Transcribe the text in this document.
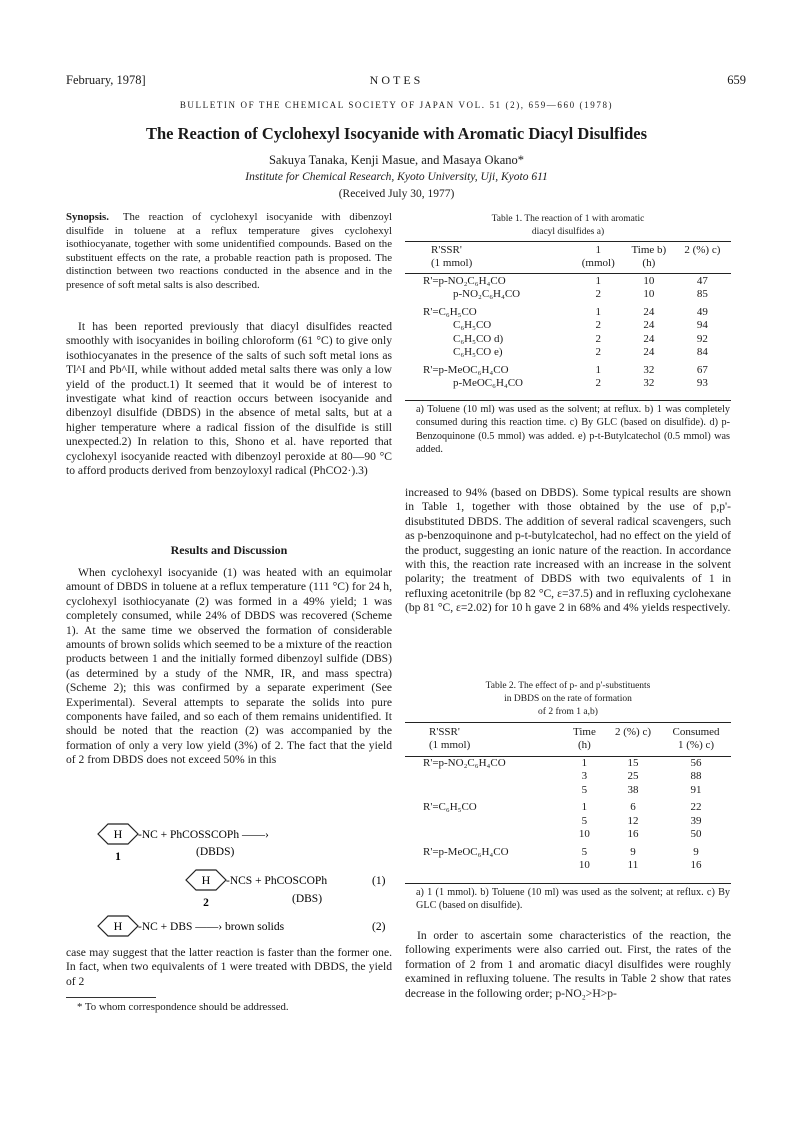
February, 1978]	NOTES	659
BULLETIN OF THE CHEMICAL SOCIETY OF JAPAN VOL. 51 (2), 659—660 (1978)
The Reaction of Cyclohexyl Isocyanide with Aromatic Diacyl Disulfides
Sakuya Tanaka, Kenji Masue, and Masaya Okano*
Institute for Chemical Research, Kyoto University, Uji, Kyoto 611
(Received July 30, 1977)
Synopsis. The reaction of cyclohexyl isocyanide with dibenzoyl disulfide in toluene at a reflux temperature gives cyclohexyl isothiocyanate, together with some unidentified compounds. Based on the substituent effects on the rate, a probable reaction path is proposed. The distinction between two reactions conducted in the absence and in the presence of soft metal salts is also described.
It has been reported previously that diacyl disulfides reacted smoothly with isocyanides in boiling chloroform (61 °C) to give only isothiocyanates in the presence of the salts of such soft metal ions as Tl^I and Pb^II, while without added metal salts there was only a low yield of the product.1) It seemed that it would be of interest to investigate what kind of reaction occurs between isocyanide and dibenzoyl disulfide (DBDS) in the absence of metal salts, but at a higher temperature where a radical fission of the disulfide is still unexpected.2) In relation to this, Shono et al. have reported that cyclohexyl isocyanide reacted with dibenzoyl peroxide at 80—90 °C to afford products derived from benzoyloxyl radical (PhCO2·).3)
Results and Discussion
When cyclohexyl isocyanide (1) was heated with an equimolar amount of DBDS in toluene at a reflux temperature (111 °C) for 24 h, cyclohexyl isothiocyanate (2) was formed in a 49% yield; 1 was completely consumed, while 24% of DBDS was recovered (Scheme 1). At the same time we observed the formation of considerable amounts of brown solids which seemed to be a mixture of the reaction products between 1 and the initially formed dibenzoyl sulfide (DBS) (as determined by a study of the NMR, IR, and mass spectra) (Scheme 2); this was confirmed by a separate experiment (See Experimental). Several attempts to separate the solids into pure components have failed, and so each of them remains unidentified. It should be noted that the reaction (2) was accompanied by the formation of only a very low yield (3%) of 2. The fact that the yield of 2 from DBDS does not exceed 50% in this
H -NC + PhCOSSCOPh ——›
1	(DBDS)
H -NCS + PhCOSCOPh	(1)
2	(DBS)
H -NC + DBS ——› brown solids	(2)
case may suggest that the latter reaction is faster than the former one. In fact, when two equivalents of 1 were treated with DBDS, the yield of 2
* To whom correspondence should be addressed.
Table 1. The reaction of 1 with aromatic
diacyl disulfides a)
R'SSR'	1	Time b)	2 (%) c)
(1 mmol)	(mmol)	(h)	

R'=p-NO₂C₆H₄CO	1	10	47
p-NO₂C₆H₄CO	2	10	85
R'=C₆H₅CO	1	24	49
C₆H₅CO	2	24	94
C₆H₅CO d)	2	24	92
C₆H₅CO e)	2	24	84
R'=p-MeOC₆H₄CO	1	32	67
p-MeOC₆H₄CO	2	32	93
a) Toluene (10 ml) was used as the solvent; at reflux. b) 1 was completely consumed during this reaction time. c) By GLC (based on disulfide). d) p-Benzoquinone (0.5 mmol) was added. e) p-t-Butylcatechol (0.5 mmol) was added.
increased to 94% (based on DBDS). Some typical results are shown in Table 1, together with those obtained by the use of p,p'-disubstituted DBDS. The addition of several radical scavengers, such as p-benzoquinone and p-t-butylcatechol, had no effect on the yield of the product, suggesting an ionic nature of the reaction. In accordance with this, the reaction rate increased with an increase in the solvent polarity; the treatment of DBDS with two equivalents of 1 in refluxing acetonitrile (bp 82 °C, ε=37.5) and in refluxing cyclohexane (bp 81 °C, ε=2.02) for 10 h gave 2 in 68% and 4% yields respectively.
Table 2. The effect of p- and p'-substituents
in DBDS on the rate of formation
of 2 from 1 a,b)
R'SSR'	Time	2 (%) c)	Consumed
(1 mmol)	(h)		1 (%) c)

R'=p-NO₂C₆H₄CO	1	15	56
	3	25	88
	5	38	91
R'=C₆H₅CO	1	6	22
	5	12	39
	10	16	50
R'=p-MeOC₆H₄CO	5	9	9
	10	11	16
a) 1 (1 mmol). b) Toluene (10 ml) was used as the solvent; at reflux. c) By GLC (based on disulfide).
In order to ascertain some characteristics of the reaction, the following experiments were also carried out. First, the rates of the formation of 2 from 1 and aromatic diacyl disulfides were roughly examined in refluxing toluene. The results in Table 2 show that rates decrease in the following order; p-NO₂>H>p-
